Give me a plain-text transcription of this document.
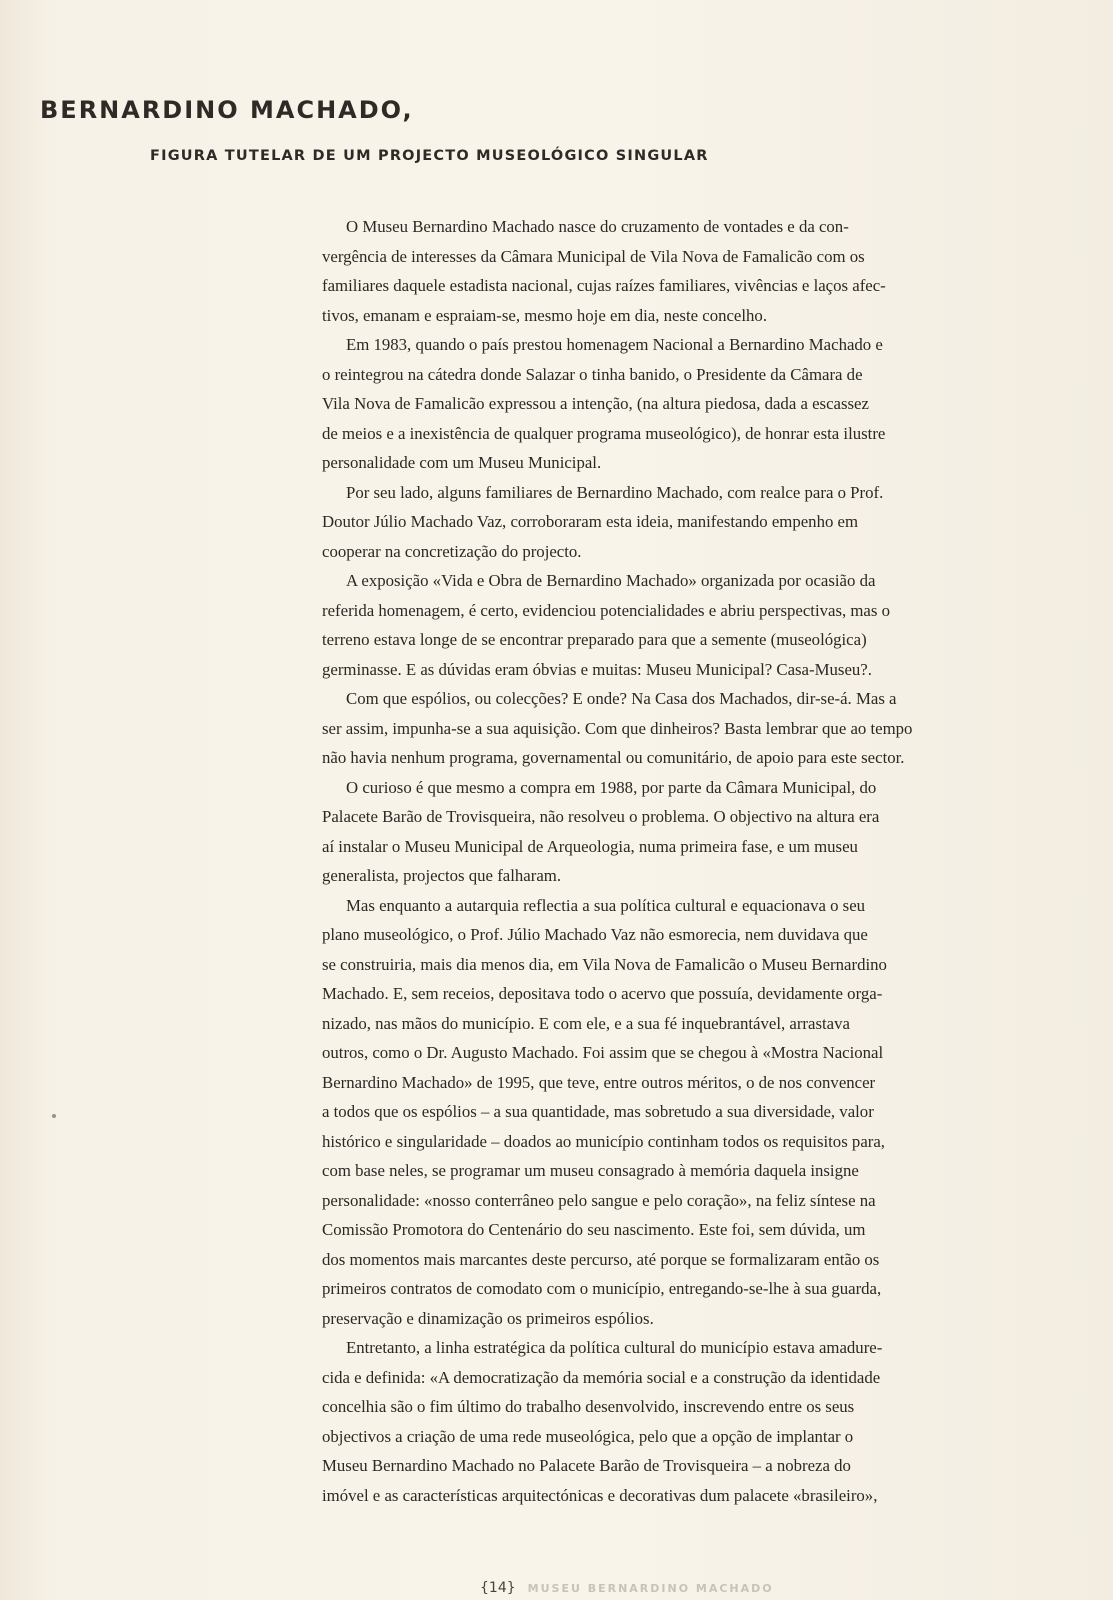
BERNARDINO MACHADO,
FIGURA TUTELAR DE UM PROJECTO MUSEOLÓGICO SINGULAR
O Museu Bernardino Machado nasce do cruzamento de vontades e da con-
vergência de interesses da Câmara Municipal de Vila Nova de Famalicão com os
familiares daquele estadista nacional, cujas raízes familiares, vivências e laços afec-
tivos, emanam e espraiam-se, mesmo hoje em dia, neste concelho.
Em 1983, quando o país prestou homenagem Nacional a Bernardino Machado e
o reintegrou na cátedra donde Salazar o tinha banido, o Presidente da Câmara de
Vila Nova de Famalicão expressou a intenção, (na altura piedosa, dada a escassez
de meios e a inexistência de qualquer programa museológico), de honrar esta ilustre
personalidade com um Museu Municipal.
Por seu lado, alguns familiares de Bernardino Machado, com realce para o Prof.
Doutor Júlio Machado Vaz, corroboraram esta ideia, manifestando empenho em
cooperar na concretização do projecto.
A exposição «Vida e Obra de Bernardino Machado» organizada por ocasião da
referida homenagem, é certo, evidenciou potencialidades e abriu perspectivas, mas o
terreno estava longe de se encontrar preparado para que a semente (museológica)
germinasse. E as dúvidas eram óbvias e muitas: Museu Municipal? Casa-Museu?.
Com que espólios, ou colecções? E onde? Na Casa dos Machados, dir-se-á. Mas a
ser assim, impunha-se a sua aquisição. Com que dinheiros? Basta lembrar que ao tempo
não havia nenhum programa, governamental ou comunitário, de apoio para este sector.
O curioso é que mesmo a compra em 1988, por parte da Câmara Municipal, do
Palacete Barão de Trovisqueira, não resolveu o problema. O objectivo na altura era
aí instalar o Museu Municipal de Arqueologia, numa primeira fase, e um museu
generalista, projectos que falharam.
Mas enquanto a autarquia reflectia a sua política cultural e equacionava o seu
plano museológico, o Prof. Júlio Machado Vaz não esmorecia, nem duvidava que
se construiria, mais dia menos dia, em Vila Nova de Famalicão o Museu Bernardino
Machado. E, sem receios, depositava todo o acervo que possuía, devidamente orga-
nizado, nas mãos do município. E com ele, e a sua fé inquebrantável, arrastava
outros, como o Dr. Augusto Machado. Foi assim que se chegou à «Mostra Nacional
Bernardino Machado» de 1995, que teve, entre outros méritos, o de nos convencer
a todos que os espólios – a sua quantidade, mas sobretudo a sua diversidade, valor
histórico e singularidade – doados ao município continham todos os requisitos para,
com base neles, se programar um museu consagrado à memória daquela insigne
personalidade: «nosso conterrâneo pelo sangue e pelo coração», na feliz síntese na
Comissão Promotora do Centenário do seu nascimento. Este foi, sem dúvida, um
dos momentos mais marcantes deste percurso, até porque se formalizaram então os
primeiros contratos de comodato com o município, entregando-se-lhe à sua guarda,
preservação e dinamização os primeiros espólios.
Entretanto, a linha estratégica da política cultural do município estava amadure-
cida e definida: «A democratização da memória social e a construção da identidade
concelhia são o fim último do trabalho desenvolvido, inscrevendo entre os seus
objectivos a criação de uma rede museológica, pelo que a opção de implantar o
Museu Bernardino Machado no Palacete Barão de Trovisqueira – a nobreza do
imóvel e as características arquitectónicas e decorativas dum palacete «brasileiro»,
{14} MUSEU BERNARDINO MACHADO
